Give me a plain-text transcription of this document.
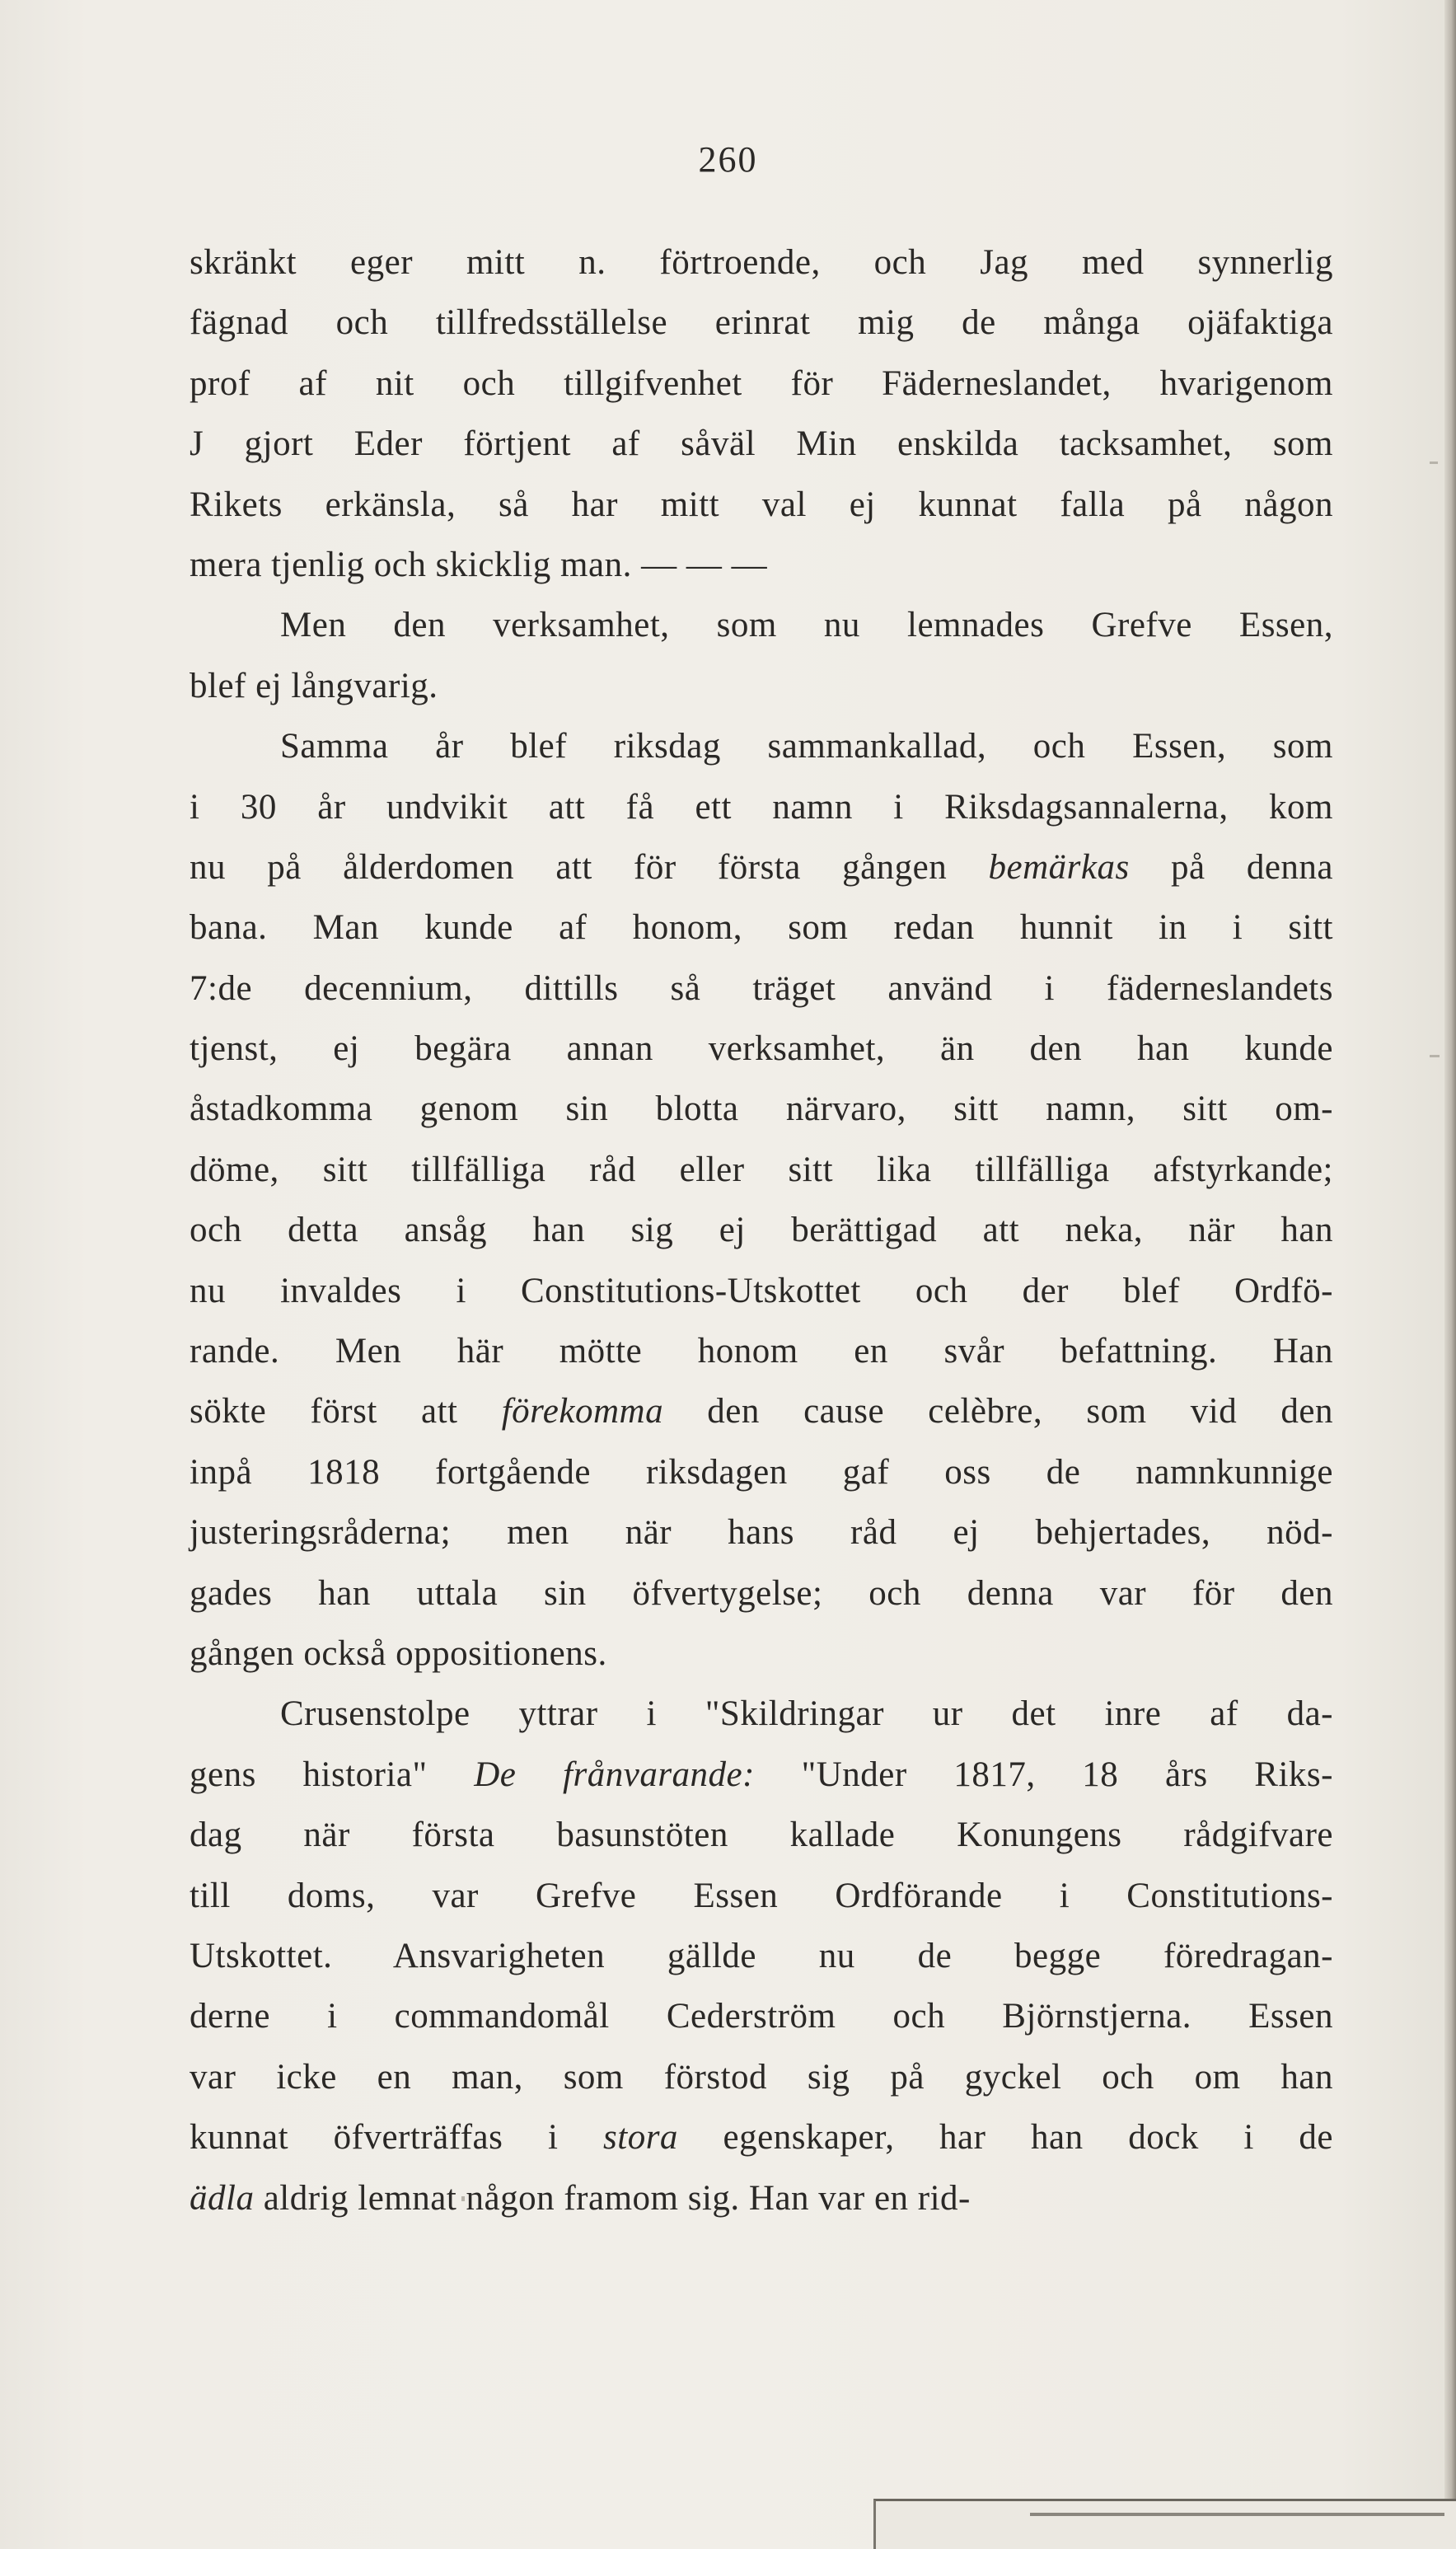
260
skränkt eger mitt n. förtroende, och Jag med synnerlig
fägnad och tillfredsställelse erinrat mig de många ojäfaktiga
prof af nit och tillgifvenhet för Fäderneslandet, hvarigenom
J gjort Eder förtjent af såväl Min enskilda tacksamhet, som
Rikets erkänsla, så har mitt val ej kunnat falla på någon
mera tjenlig och skicklig man. — — —
Men den verksamhet, som nu lemnades Grefve Essen,
blef ej långvarig.
Samma år blef riksdag sammankallad, och Essen, som
i 30 år undvikit att få ett namn i Riksdagsannalerna, kom
nu på ålderdomen att för första gången bemärkas på denna
bana. Man kunde af honom, som redan hunnit in i sitt
7:de decennium, dittills så träget använd i fäderneslandets
tjenst, ej begära annan verksamhet, än den han kunde
åstadkomma genom sin blotta närvaro, sitt namn, sitt om-
döme, sitt tillfälliga råd eller sitt lika tillfälliga afstyrkande;
och detta ansåg han sig ej berättigad att neka, när han
nu invaldes i Constitutions-Utskottet och der blef Ordfö-
rande. Men här mötte honom en svår befattning. Han
sökte först att förekomma den cause celèbre, som vid den
inpå 1818 fortgående riksdagen gaf oss de namnkunnige
justeringsråderna; men när hans råd ej behjertades, nöd-
gades han uttala sin öfvertygelse; och denna var för den
gången också oppositionens.
Crusenstolpe yttrar i "Skildringar ur det inre af da-
gens historia" De frånvarande: "Under 1817, 18 års Riks-
dag när första basunstöten kallade Konungens rådgifvare
till doms, var Grefve Essen Ordförande i Constitutions-
Utskottet. Ansvarigheten gällde nu de begge föredragan-
derne i commandomål Cederström och Björnstjerna. Essen
var icke en man, som förstod sig på gyckel och om han
kunnat öfverträffas i stora egenskaper, har han dock i de
ädla aldrig lemnat någon framom sig. Han var en rid-
